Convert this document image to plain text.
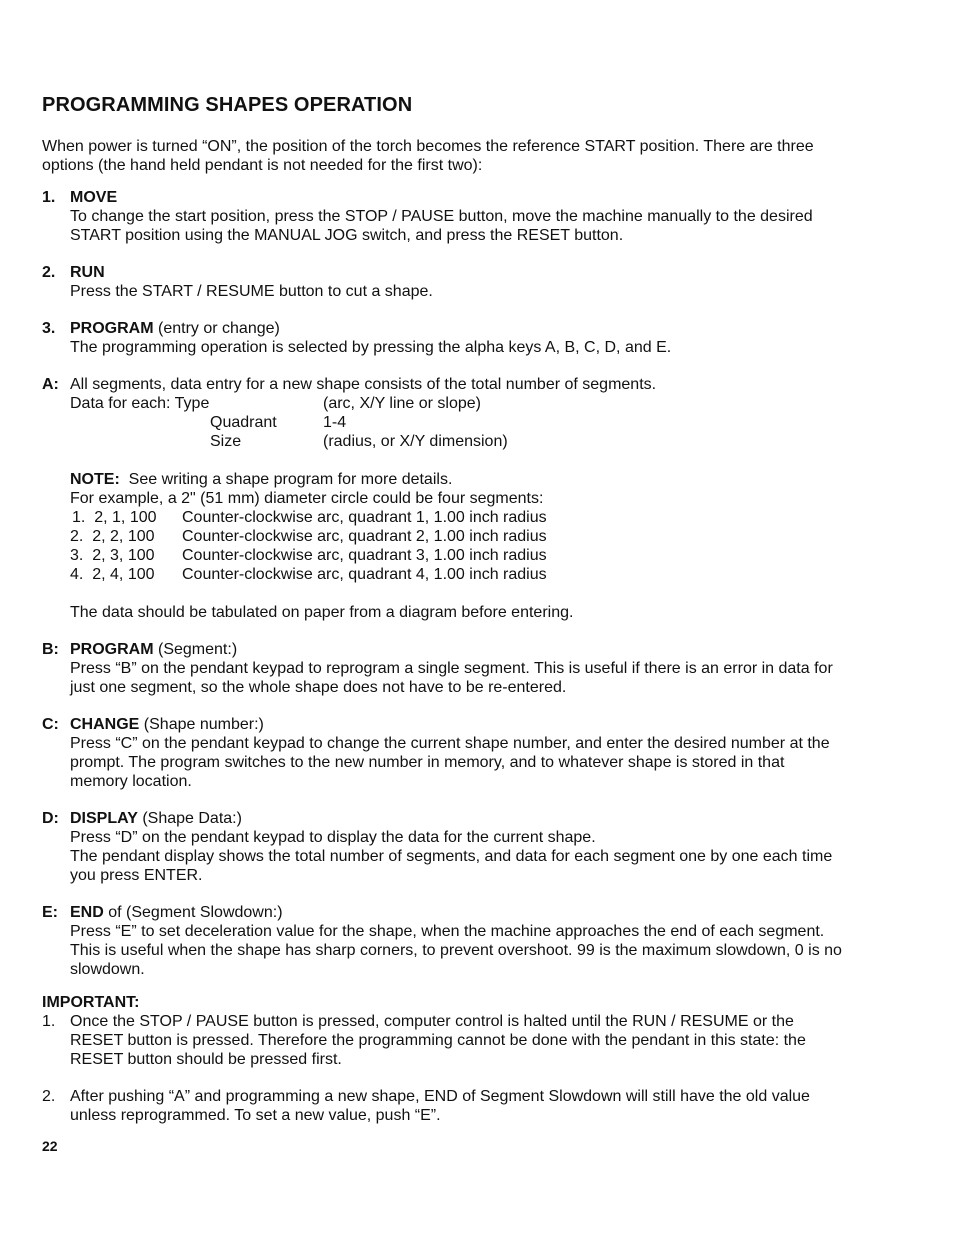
PROGRAMMING SHAPES OPERATION

When power is turned “ON”, the position of the torch becomes the reference START position. There are three options (the hand held pendant is not needed for the first two):

1. MOVE
To change the start position, press the STOP / PAUSE button, move the machine manually to the desired START position using the MANUAL JOG switch, and press the RESET button.
2. RUN
Press the START / RESUME button to cut a shape.
3. PROGRAM (entry or change)
The programming operation is selected by pressing the alpha keys A, B, C, D, and E.
A: All segments, data entry for a new shape consists of the total number of segments.
Data for each: Type	(arc, X/Y line or slope)
Quadrant	1-4
Size	(radius, or X/Y dimension)
NOTE:  See writing a shape program for more details.
For example, a 2" (51 mm) diameter circle could be four segments:
1.  2, 1, 100	Counter-clockwise arc, quadrant 1, 1.00 inch radius
2.  2, 2, 100	Counter-clockwise arc, quadrant 2, 1.00 inch radius
3.  2, 3, 100	Counter-clockwise arc, quadrant 3, 1.00 inch radius
4.  2, 4, 100	Counter-clockwise arc, quadrant 4, 1.00 inch radius
The data should be tabulated on paper from a diagram before entering.
B: PROGRAM (Segment:)
Press “B” on the pendant keypad to reprogram a single segment. This is useful if there is an error in data for just one segment, so the whole shape does not have to be re-entered.
C: CHANGE (Shape number:)
Press “C” on the pendant keypad to change the current shape number, and enter the desired number at the prompt. The program switches to the new number in memory, and to whatever shape is stored in that memory location.
D: DISPLAY (Shape Data:)
Press “D” on the pendant keypad to display the data for the current shape.
The pendant display shows the total number of segments, and data for each segment one by one each time you press ENTER.
E: END of (Segment Slowdown:)
Press “E” to set deceleration value for the shape, when the machine approaches the end of each segment. This is useful when the shape has sharp corners, to prevent overshoot. 99 is the maximum slowdown, 0 is no slowdown.
IMPORTANT:
1. Once the STOP / PAUSE button is pressed, computer control is halted until the RUN / RESUME or the RESET button is pressed. Therefore the programming cannot be done with the pendant in this state: the RESET button should be pressed first.
2. After pushing “A” and programming a new shape, END of Segment Slowdown will still have the old value unless reprogrammed. To set a new value, push “E”.
22
